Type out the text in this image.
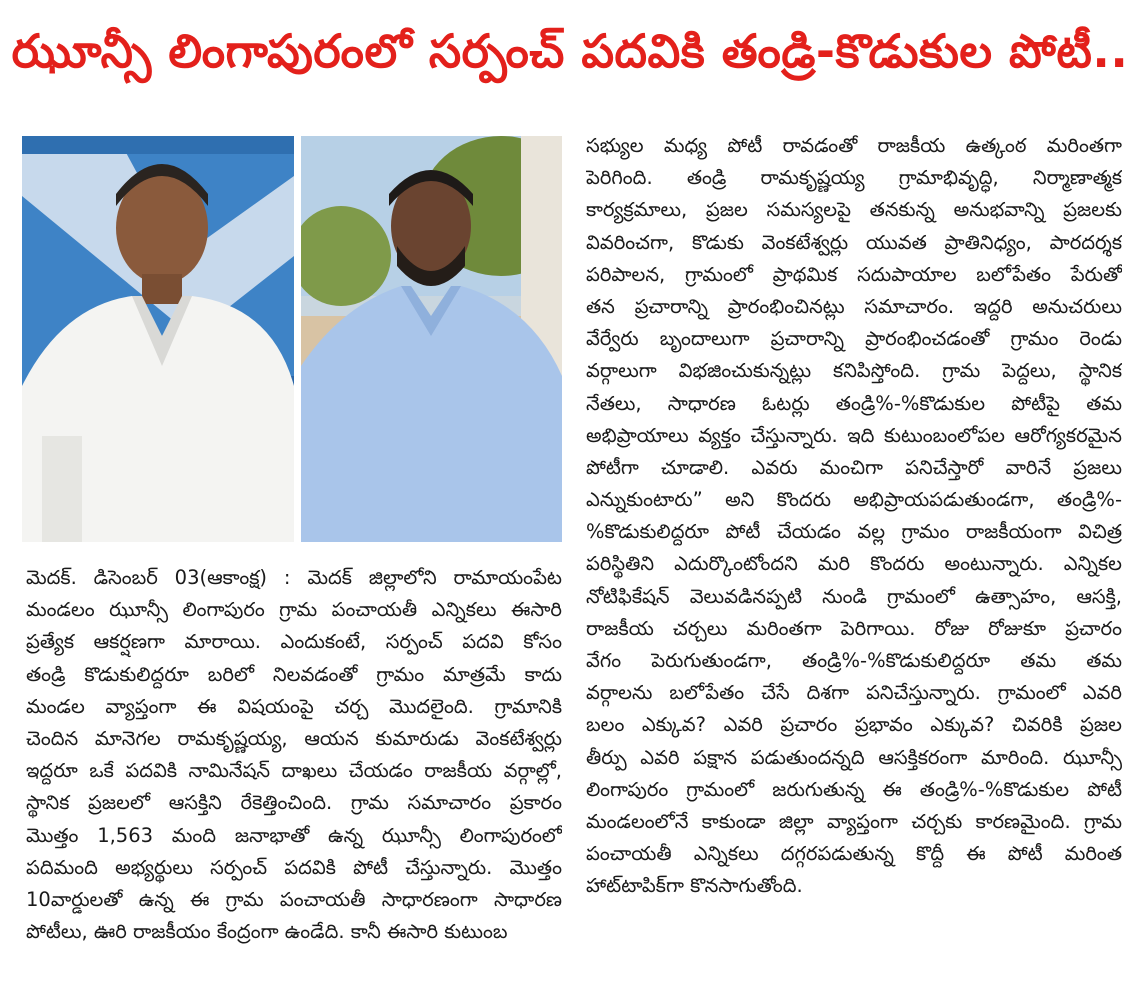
ఝూన్సీ లింగాపురంలో సర్పంచ్ పదవికి తండ్రి-కొడుకుల పోటీ..
మెదక్. డిసెంబర్ 03(ఆకాంక్ష) : మెదక్ జిల్లాలోని రామాయంపేట
మండలం ఝూన్సీ లింగాపురం గ్రామ పంచాయతీ ఎన్నికలు ఈసారి
ప్రత్యేక ఆకర్షణగా మారాయి. ఎందుకంటే, సర్పంచ్ పదవి కోసం
తండ్రి కొడుకులిద్దరూ బరిలో నిలవడంతో గ్రామం మాత్రమే కాదు
మండల వ్యాప్తంగా ఈ విషయంపై చర్చ మొదలైంది. గ్రామానికి
చెందిన మానెగల రామకృష్ణయ్య, ఆయన కుమారుడు వెంకటేశ్వర్లు
ఇద్దరూ ఒకే పదవికి నామినేషన్ దాఖలు చేయడం రాజకీయ వర్గాల్లో,
స్థానిక ప్రజలలో ఆసక్తిని రేకెత్తించింది. గ్రామ సమాచారం ప్రకారం
మొత్తం 1,563 మంది జనాభాతో ఉన్న ఝూన్సీ లింగాపురంలో
పదిమంది అభ్యర్థులు సర్పంచ్ పదవికి పోటీ చేస్తున్నారు. మొత్తం
10వార్డులతో ఉన్న ఈ గ్రామ పంచాయతీ సాధారణంగా సాధారణ
పోటీలు, ఊరి రాజకీయం కేంద్రంగా ఉండేది. కానీ ఈసారి కుటుంబ
సభ్యుల మధ్య పోటీ రావడంతో రాజకీయ ఉత్కంఠ మరింతగా
పెరిగింది. తండ్రి రామకృష్ణయ్య గ్రామాభివృద్ధి, నిర్మాణాత్మక
కార్యక్రమాలు, ప్రజల సమస్యలపై తనకున్న అనుభవాన్ని ప్రజలకు
వివరించగా, కొడుకు వెంకటేశ్వర్లు యువత ప్రాతినిధ్యం, పారదర్శక
పరిపాలన, గ్రామంలో ప్రాథమిక సదుపాయాల బలోపేతం పేరుతో
తన ప్రచారాన్ని ప్రారంభించినట్లు సమాచారం. ఇద్దరి అనుచరులు
వేర్వేరు బృందాలుగా ప్రచారాన్ని ప్రారంభించడంతో గ్రామం రెండు
వర్గాలుగా విభజించుకున్నట్లు కనిపిస్తోంది. గ్రామ పెద్దలు, స్థానిక
నేతలు, సాధారణ ఓటర్లు తండ్రి%-%కొడుకుల పోటీపై తమ
అభిప్రాయాలు వ్యక్తం చేస్తున్నారు. ఇది కుటుంబంలోపల ఆరోగ్యకరమైన
పోటీగా చూడాలి. ఎవరు మంచిగా పనిచేస్తారో వారినే ప్రజలు
ఎన్నుకుంటారు” అని కొందరు అభిప్రాయపడుతుండగా, తండ్రి%-
%కొడుకులిద్దరూ పోటీ చేయడం వల్ల గ్రామం రాజకీయంగా విచిత్ర
పరిస్థితిని ఎదుర్కొంటోందని మరి కొందరు అంటున్నారు. ఎన్నికల
నోటిఫికేషన్ వెలువడినప్పటి నుండి గ్రామంలో ఉత్సాహం, ఆసక్తి,
రాజకీయ చర్చలు మరింతగా పెరిగాయి. రోజు రోజుకూ ప్రచారం
వేగం పెరుగుతుండగా, తండ్రి%-%కొడుకులిద్దరూ తమ తమ
వర్గాలను బలోపేతం చేసే దిశగా పనిచేస్తున్నారు. గ్రామంలో ఎవరి
బలం ఎక్కువ? ఎవరి ప్రచారం ప్రభావం ఎక్కువ? చివరికి ప్రజల
తీర్పు ఎవరి పక్షాన పడుతుందన్నది ఆసక్తికరంగా మారింది. ఝూన్సీ
లింగాపురం గ్రామంలో జరుగుతున్న ఈ తండ్రి%-%కొడుకుల పోటీ
మండలంలోనే కాకుండా జిల్లా వ్యాప్తంగా చర్చకు కారణమైంది. గ్రామ
పంచాయతీ ఎన్నికలు దగ్గరపడుతున్న కొద్దీ ఈ పోటీ మరింత
హాట్‌టాపిక్‌గా కొనసాగుతోంది.
